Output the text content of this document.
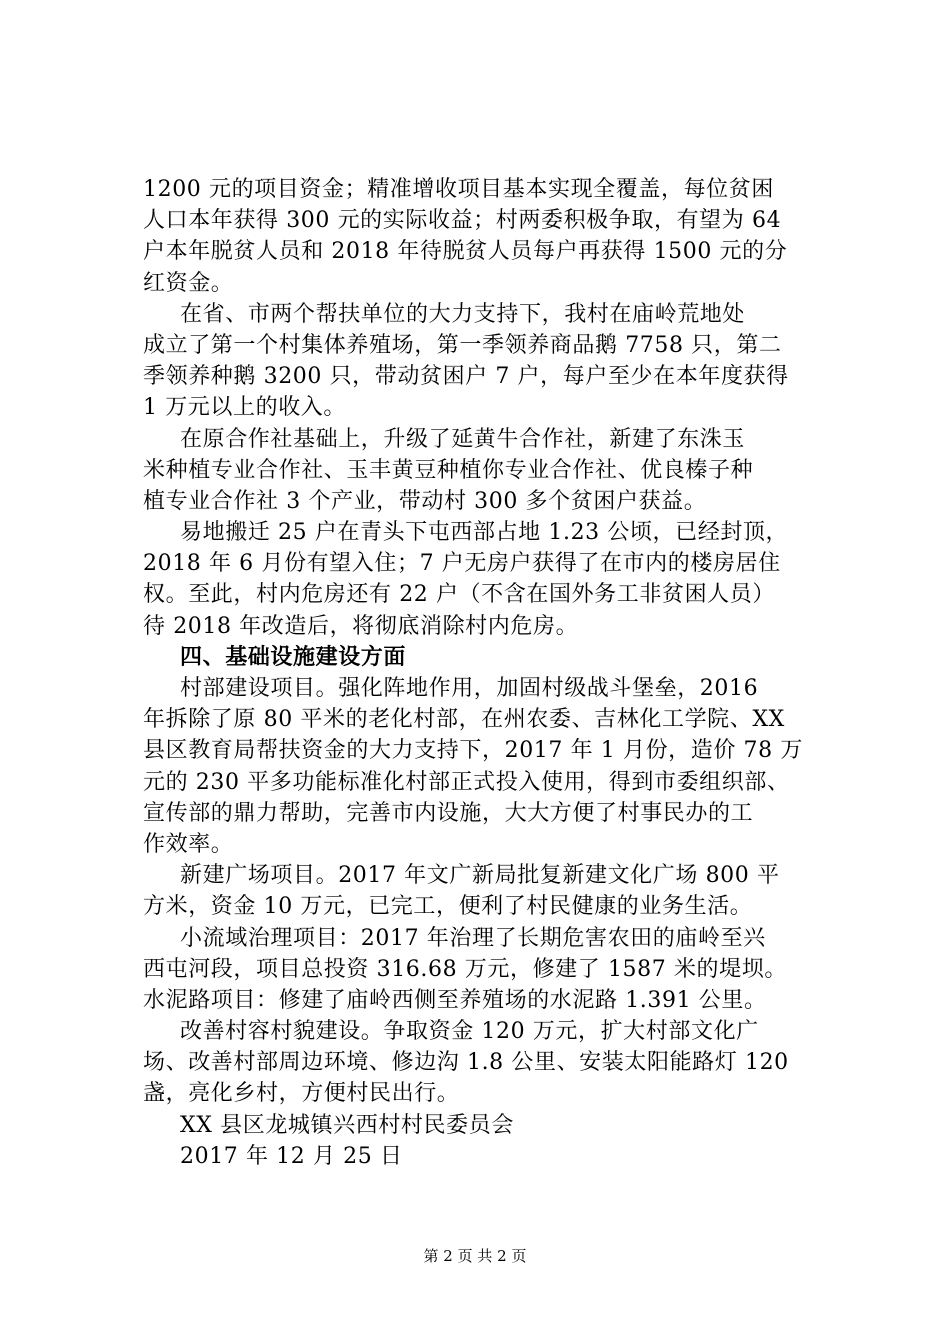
1200 元的项目资金；精准增收项目基本实现全覆盖，每位贫困
人口本年获得 300 元的实际收益；村两委积极争取，有望为 64
户本年脱贫人员和 2018 年待脱贫人员每户再获得 1500 元的分
红资金。
在省、市两个帮扶单位的大力支持下，我村在庙岭荒地处
成立了第一个村集体养殖场，第一季领养商品鹅 7758 只，第二
季领养种鹅 3200 只，带动贫困户 7 户，每户至少在本年度获得
1 万元以上的收入。
在原合作社基础上，升级了延黄牛合作社，新建了东洙玉
米种植专业合作社、玉丰黄豆种植你专业合作社、优良榛子种
植专业合作社 3 个产业，带动村 300 多个贫困户获益。
易地搬迁 25 户在青头下屯西部占地 1.23 公顷，已经封顶，
2018 年 6 月份有望入住；7 户无房户获得了在市内的楼房居住
权。至此，村内危房还有 22 户（不含在国外务工非贫困人员）
待 2018 年改造后，将彻底消除村内危房。
四、基础设施建设方面
村部建设项目。强化阵地作用，加固村级战斗堡垒，2016
年拆除了原 80 平米的老化村部，在州农委、吉林化工学院、XX
县区教育局帮扶资金的大力支持下，2017 年 1 月份，造价 78 万
元的 230 平多功能标准化村部正式投入使用，得到市委组织部、
宣传部的鼎力帮助，完善市内设施，大大方便了村事民办的工
作效率。
新建广场项目。2017 年文广新局批复新建文化广场 800 平
方米，资金 10 万元，已完工，便利了村民健康的业务生活。
小流域治理项目：2017 年治理了长期危害农田的庙岭至兴
西屯河段，项目总投资 316.68 万元，修建了 1587 米的堤坝。
水泥路项目：修建了庙岭西侧至养殖场的水泥路 1.391 公里。
改善村容村貌建设。争取资金 120 万元，扩大村部文化广
场、改善村部周边环境、修边沟 1.8 公里、安装太阳能路灯 120
盏，亮化乡村，方便村民出行。
XX 县区龙城镇兴西村村民委员会
2017 年 12 月 25 日
第 2 页 共 2 页
